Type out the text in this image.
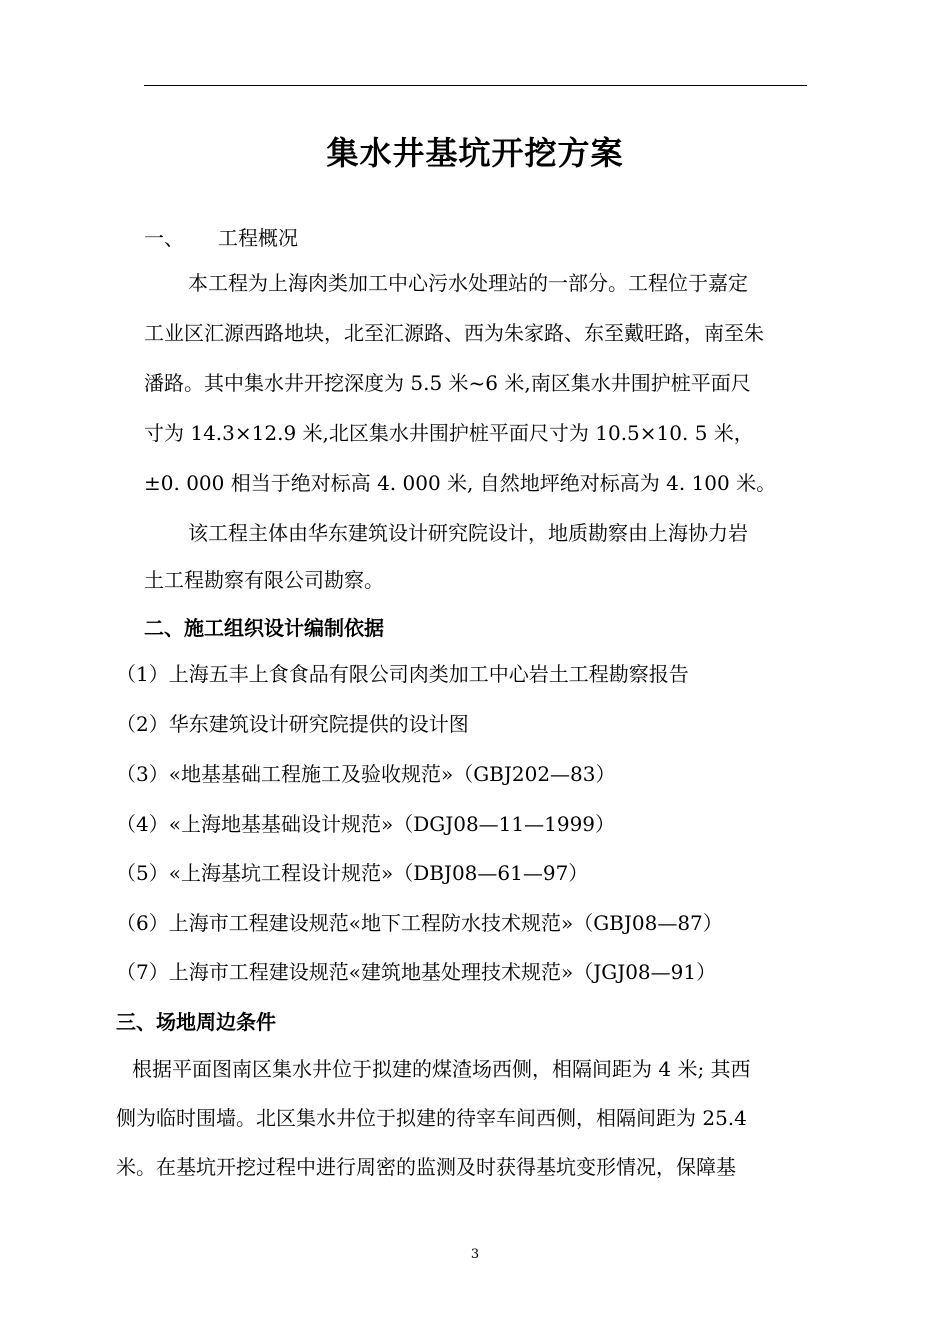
集水井基坑开挖方案
一、 工程概况
本工程为上海肉类加工中心污水处理站的一部分。工程位于嘉定
工业区汇源西路地块，北至汇源路、西为朱家路、东至戴旺路，南至朱
潘路。其中集水井开挖深度为 5.5 米~6 米,南区集水井围护桩平面尺
寸为 14.3×12.9 米,北区集水井围护桩平面尺寸为 10.5×10. 5 米，
±0. 000 相当于绝对标高 4. 000 米, 自然地坪绝对标高为 4. 100 米。
该工程主体由华东建筑设计研究院设计，地质勘察由上海协力岩
土工程勘察有限公司勘察。
二、施工组织设计编制依据
（1）上海五丰上食食品有限公司肉类加工中心岩土工程勘察报告
（2）华东建筑设计研究院提供的设计图
（3）«地基基础工程施工及验收规范»（GBJ202—83）
（4）«上海地基基础设计规范»（DGJ08—11—1999）
（5）«上海基坑工程设计规范»（DBJ08—61—97）
（6）上海市工程建设规范«地下工程防水技术规范»（GBJ08—87）
（7）上海市工程建设规范«建筑地基处理技术规范»（JGJ08—91）
三、场地周边条件
根据平面图南区集水井位于拟建的煤渣场西侧，相隔间距为 4 米; 其西
侧为临时围墙。北区集水井位于拟建的待宰车间西侧，相隔间距为 25.4
米。在基坑开挖过程中进行周密的监测及时获得基坑变形情况，保障基
3
